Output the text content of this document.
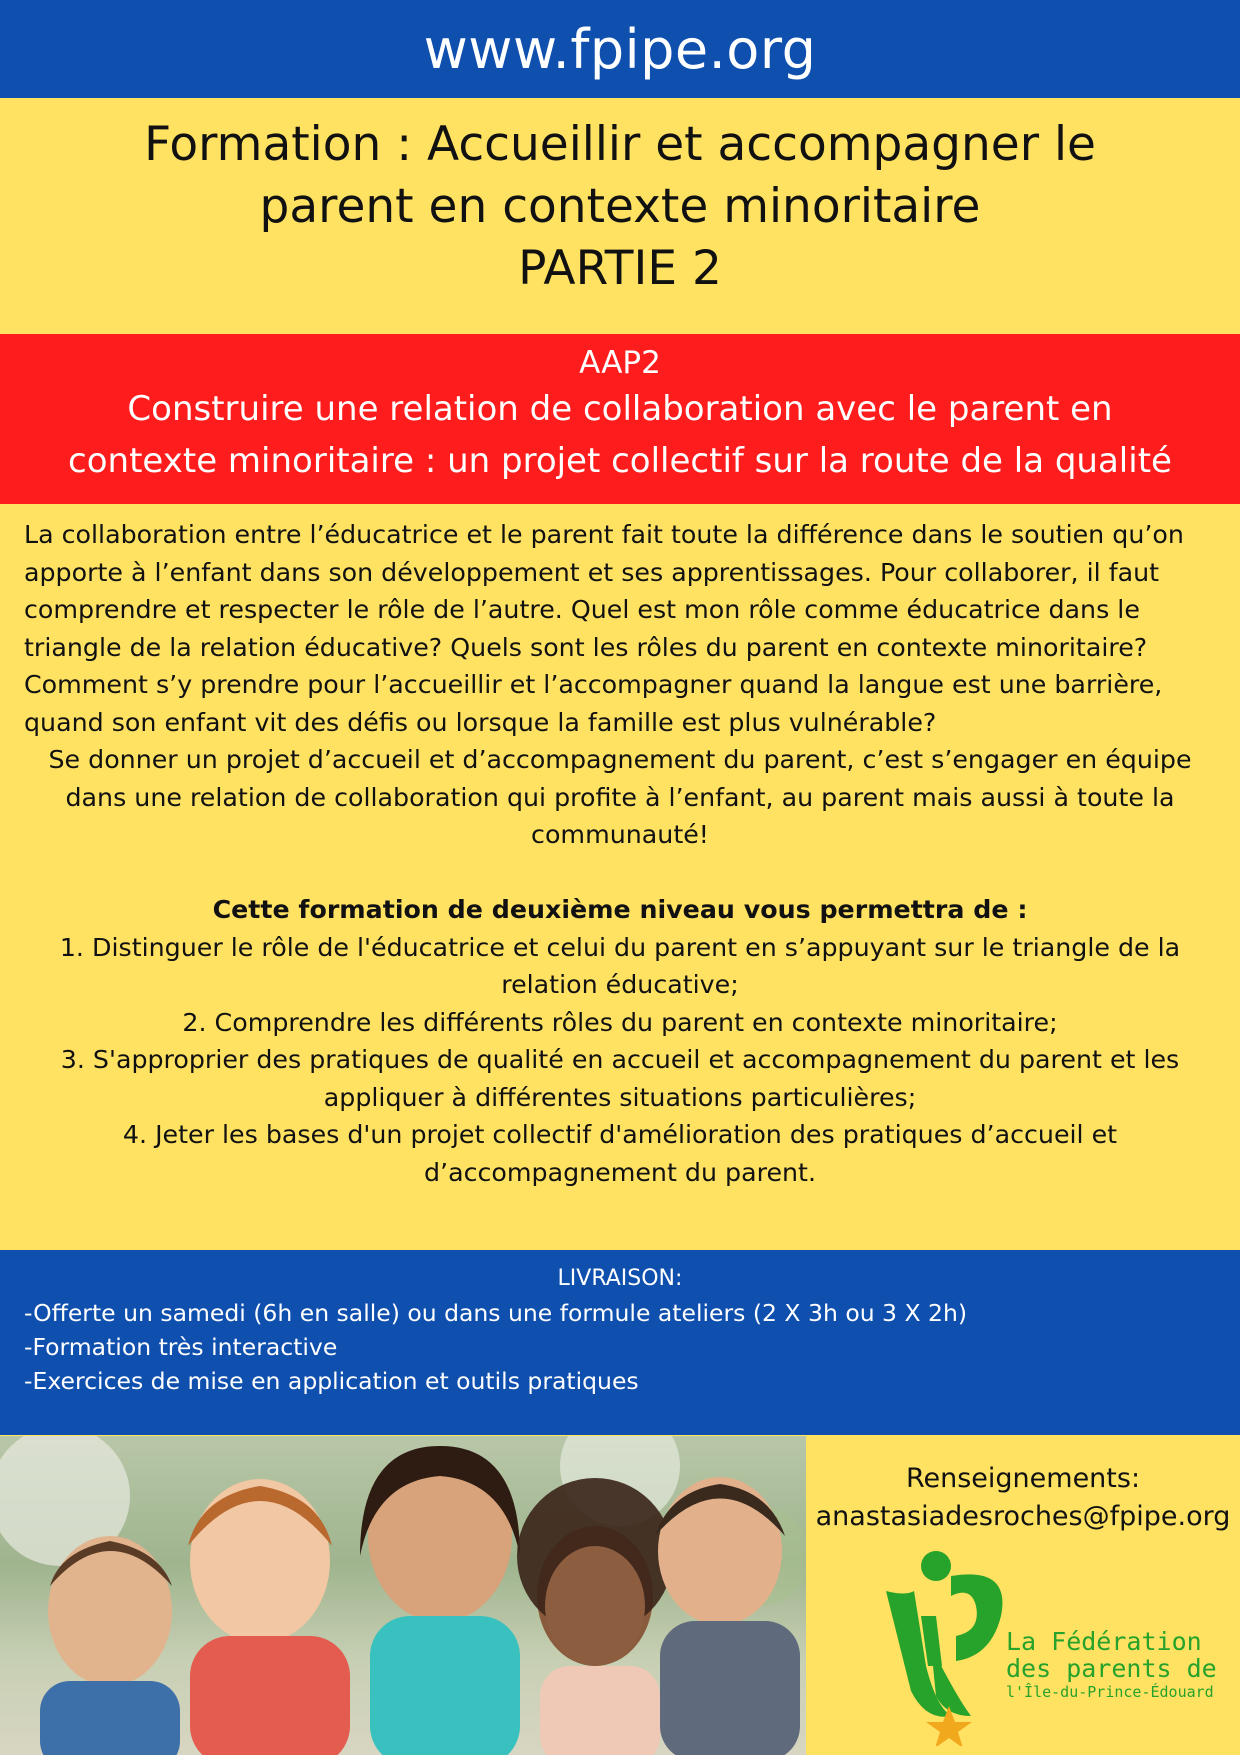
www.fpipe.org
Formation : Accueillir et accompagner le
parent en contexte minoritaire
PARTIE 2
AAP2
Construire une relation de collaboration avec le parent en
contexte minoritaire : un projet collectif sur la route de la qualité

La collaboration entre l’éducatrice et le parent fait toute la différence dans le soutien qu’on apporte à l’enfant dans son développement et ses apprentissages. Pour collaborer, il faut comprendre et respecter le rôle de l’autre. Quel est mon rôle comme éducatrice dans le triangle de la relation éducative? Quels sont les rôles du parent en contexte minoritaire? Comment s’y prendre pour l’accueillir et l’accompagner quand la langue est une barrière, quand son enfant vit des défis ou lorsque la famille est plus vulnérable?

Se donner un projet d’accueil et d’accompagnement du parent, c’est s’engager en équipe dans une relation de collaboration qui profite à l’enfant, au parent mais aussi à toute la communauté!

Cette formation de deuxième niveau vous permettra de :

1. Distinguer le rôle de l'éducatrice et celui du parent en s’appuyant sur le triangle de la relation éducative;

2. Comprendre les différents rôles du parent en contexte minoritaire;

3. S'approprier des pratiques de qualité en accueil et accompagnement du parent et les appliquer à différentes situations particulières;

4. Jeter les bases d'un projet collectif d'amélioration des pratiques d’accueil et d’accompagnement du parent.

LIVRAISON:
-Offerte un samedi (6h en salle) ou dans une formule ateliers (2 X 3h ou 3 X 2h)
-Formation très interactive
-Exercices de mise en application et outils pratiques
Renseignements:
anastasiadesroches@fpipe.org
La Fédération
des parents de
l'Île-du-Prince-Édouard
